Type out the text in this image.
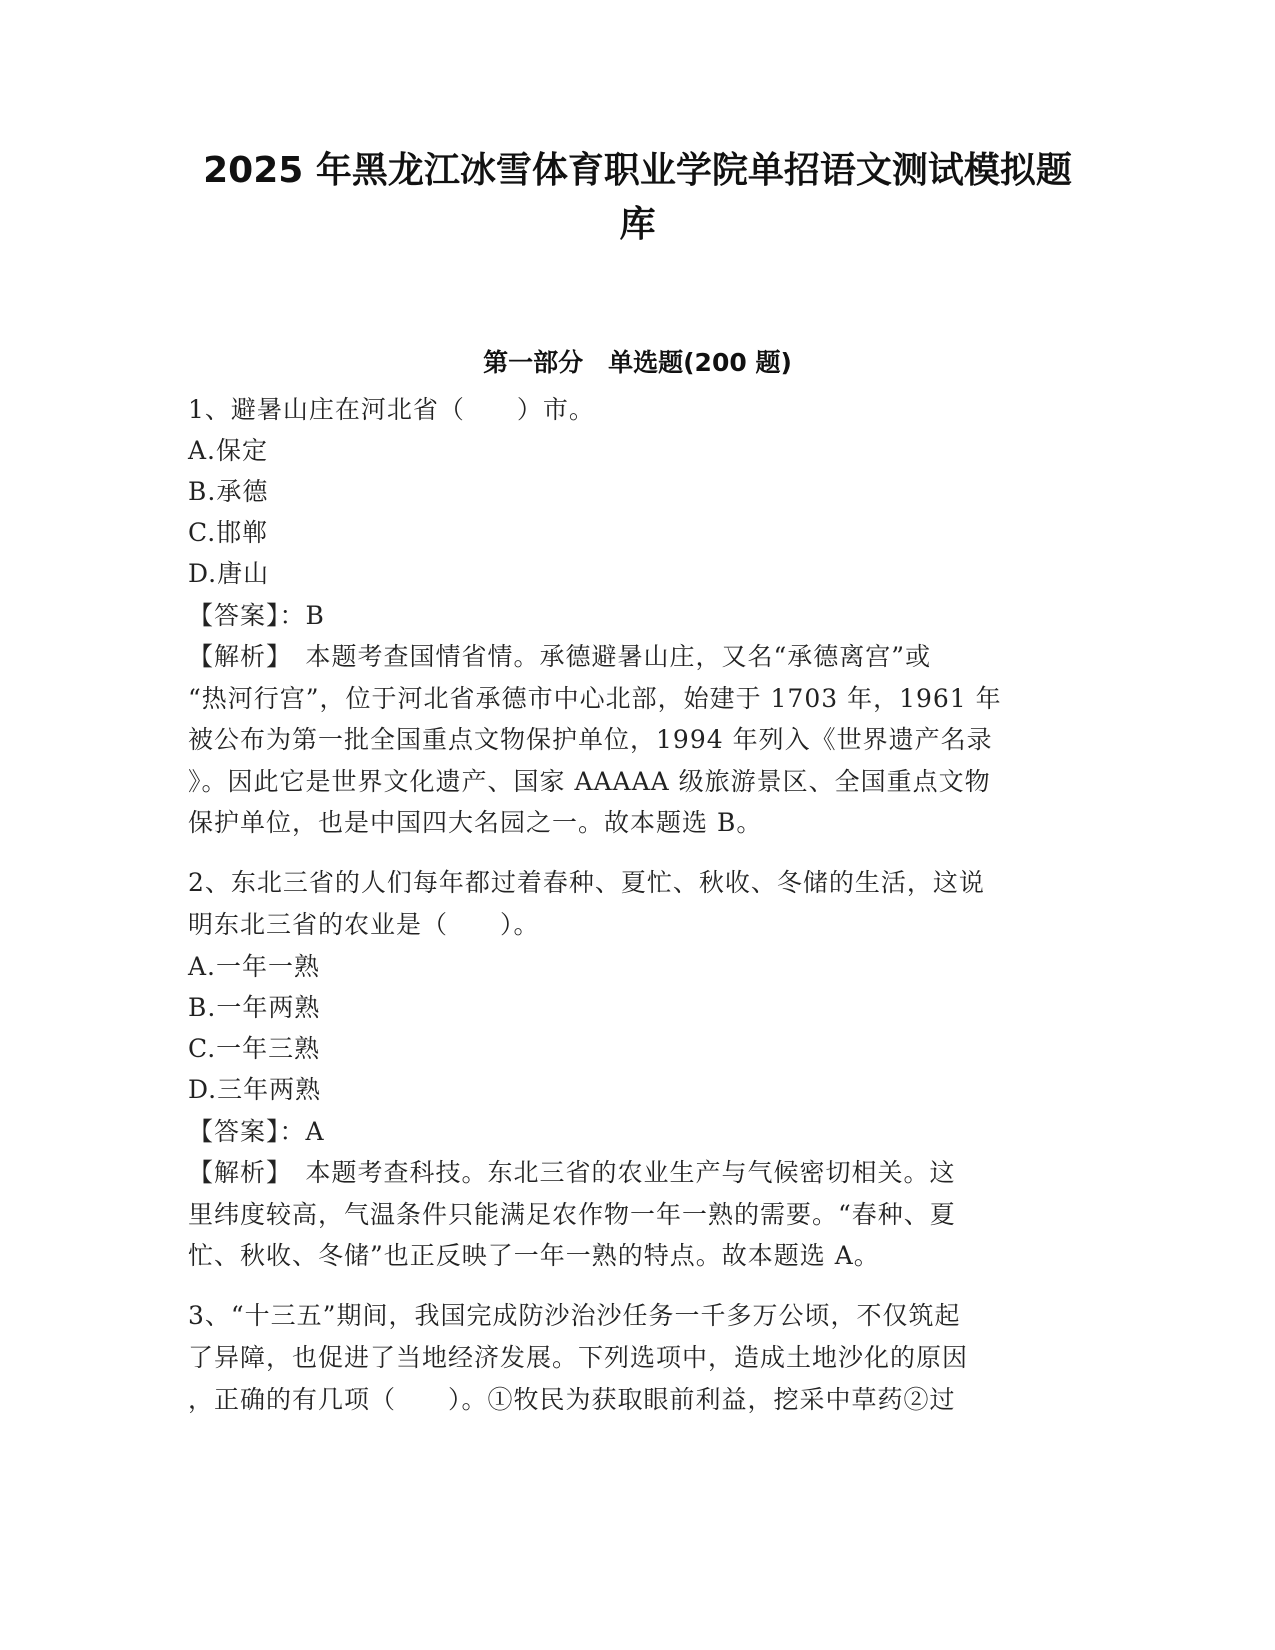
2025 年黑龙江冰雪体育职业学院单招语文测试模拟题
库
第一部分　单选题(200 题)
1、避暑山庄在河北省（　　）市。
A.保定
B.承德
C.邯郸
D.唐山
【答案】：B
【解析】　本题考查国情省情。承德避暑山庄，又名“承德离宫”或
“热河行宫”，位于河北省承德市中心北部，始建于 1703 年，1961 年
被公布为第一批全国重点文物保护单位，1994 年列入《世界遗产名录
》。因此它是世界文化遗产、国家 AAAAA 级旅游景区、全国重点文物
保护单位，也是中国四大名园之一。故本题选 B。
2、东北三省的人们每年都过着春种、夏忙、秋收、冬储的生活，这说
明东北三省的农业是（　　）。
A.一年一熟
B.一年两熟
C.一年三熟
D.三年两熟
【答案】：A
【解析】　本题考查科技。东北三省的农业生产与气候密切相关。这
里纬度较高，气温条件只能满足农作物一年一熟的需要。“春种、夏
忙、秋收、冬储”也正反映了一年一熟的特点。故本题选 A。
3、“十三五”期间，我国完成防沙治沙任务一千多万公顷，不仅筑起
了异障，也促进了当地经济发展。下列选项中，造成土地沙化的原因
，正确的有几项（　　）。①牧民为获取眼前利益，挖采中草药②过
